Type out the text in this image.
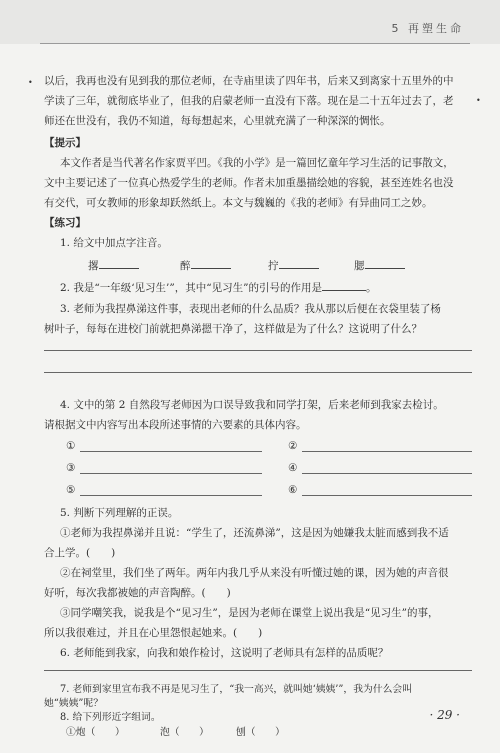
5 再塑生命
•
•
以后，我再也没有见到我的那位老师，在寺庙里读了四年书，后来又到离家十五里外的中
学读了三年，就彻底毕业了，但我的启蒙老师一直没有下落。现在是二十五年过去了，老
师还在世没有，我仍不知道，每每想起来，心里就充满了一种深深的惆怅。
【提示】
本文作者是当代著名作家贾平凹。《我的小学》是一篇回忆童年学习生活的记事散文，
文中主要记述了一位真心热爱学生的老师。作者未加重墨描绘她的容貌，甚至连姓名也没
有交代，可女教师的形象却跃然纸上。本文与魏巍的《我的老师》有异曲同工之妙。
【练习】
1. 给文中加点字注音。
撂	醉	拧	腮
2. 我是“一年级‘见习生’”，其中“见习生”的引号的作用是	。
3. 老师为我捏鼻涕这件事，表现出老师的什么品质？我从那以后便在衣袋里装了杨
树叶子，每每在进校门前就把鼻涕摁干净了，这样做是为了什么？这说明了什么？
4. 文中的第 2 自然段写老师因为口误导致我和同学打架，后来老师到我家去检讨。
请根据文中内容写出本段所述事情的六要素的具体内容。
①	②
③	④
⑤	⑥
5. 判断下列理解的正误。
①老师为我捏鼻涕并且说：“学生了，还流鼻涕”，这是因为她嫌我太脏而感到我不适
合上学。(　　)
②在祠堂里，我们坐了两年。两年内我几乎从来没有听懂过她的课，因为她的声音很
好听，每次我都被她的声音陶醉。(　　)
③同学嘲笑我，说我是个“见习生”，是因为老师在课堂上说出我是“见习生”的事，
所以我很难过，并且在心里怨恨起她来。(　　)
6. 老师能到我家，向我和娘作检讨，这说明了老师具有怎样的品质呢？
7. 老师到家里宣布我不再是见习生了，“我一高兴，就叫她‘姨姨’”，我为什么会叫
她“姨姨”呢？
8. 给下列形近字组词。
①炮（　　）	泡（　　）	刨（　　）
· 29 ·
